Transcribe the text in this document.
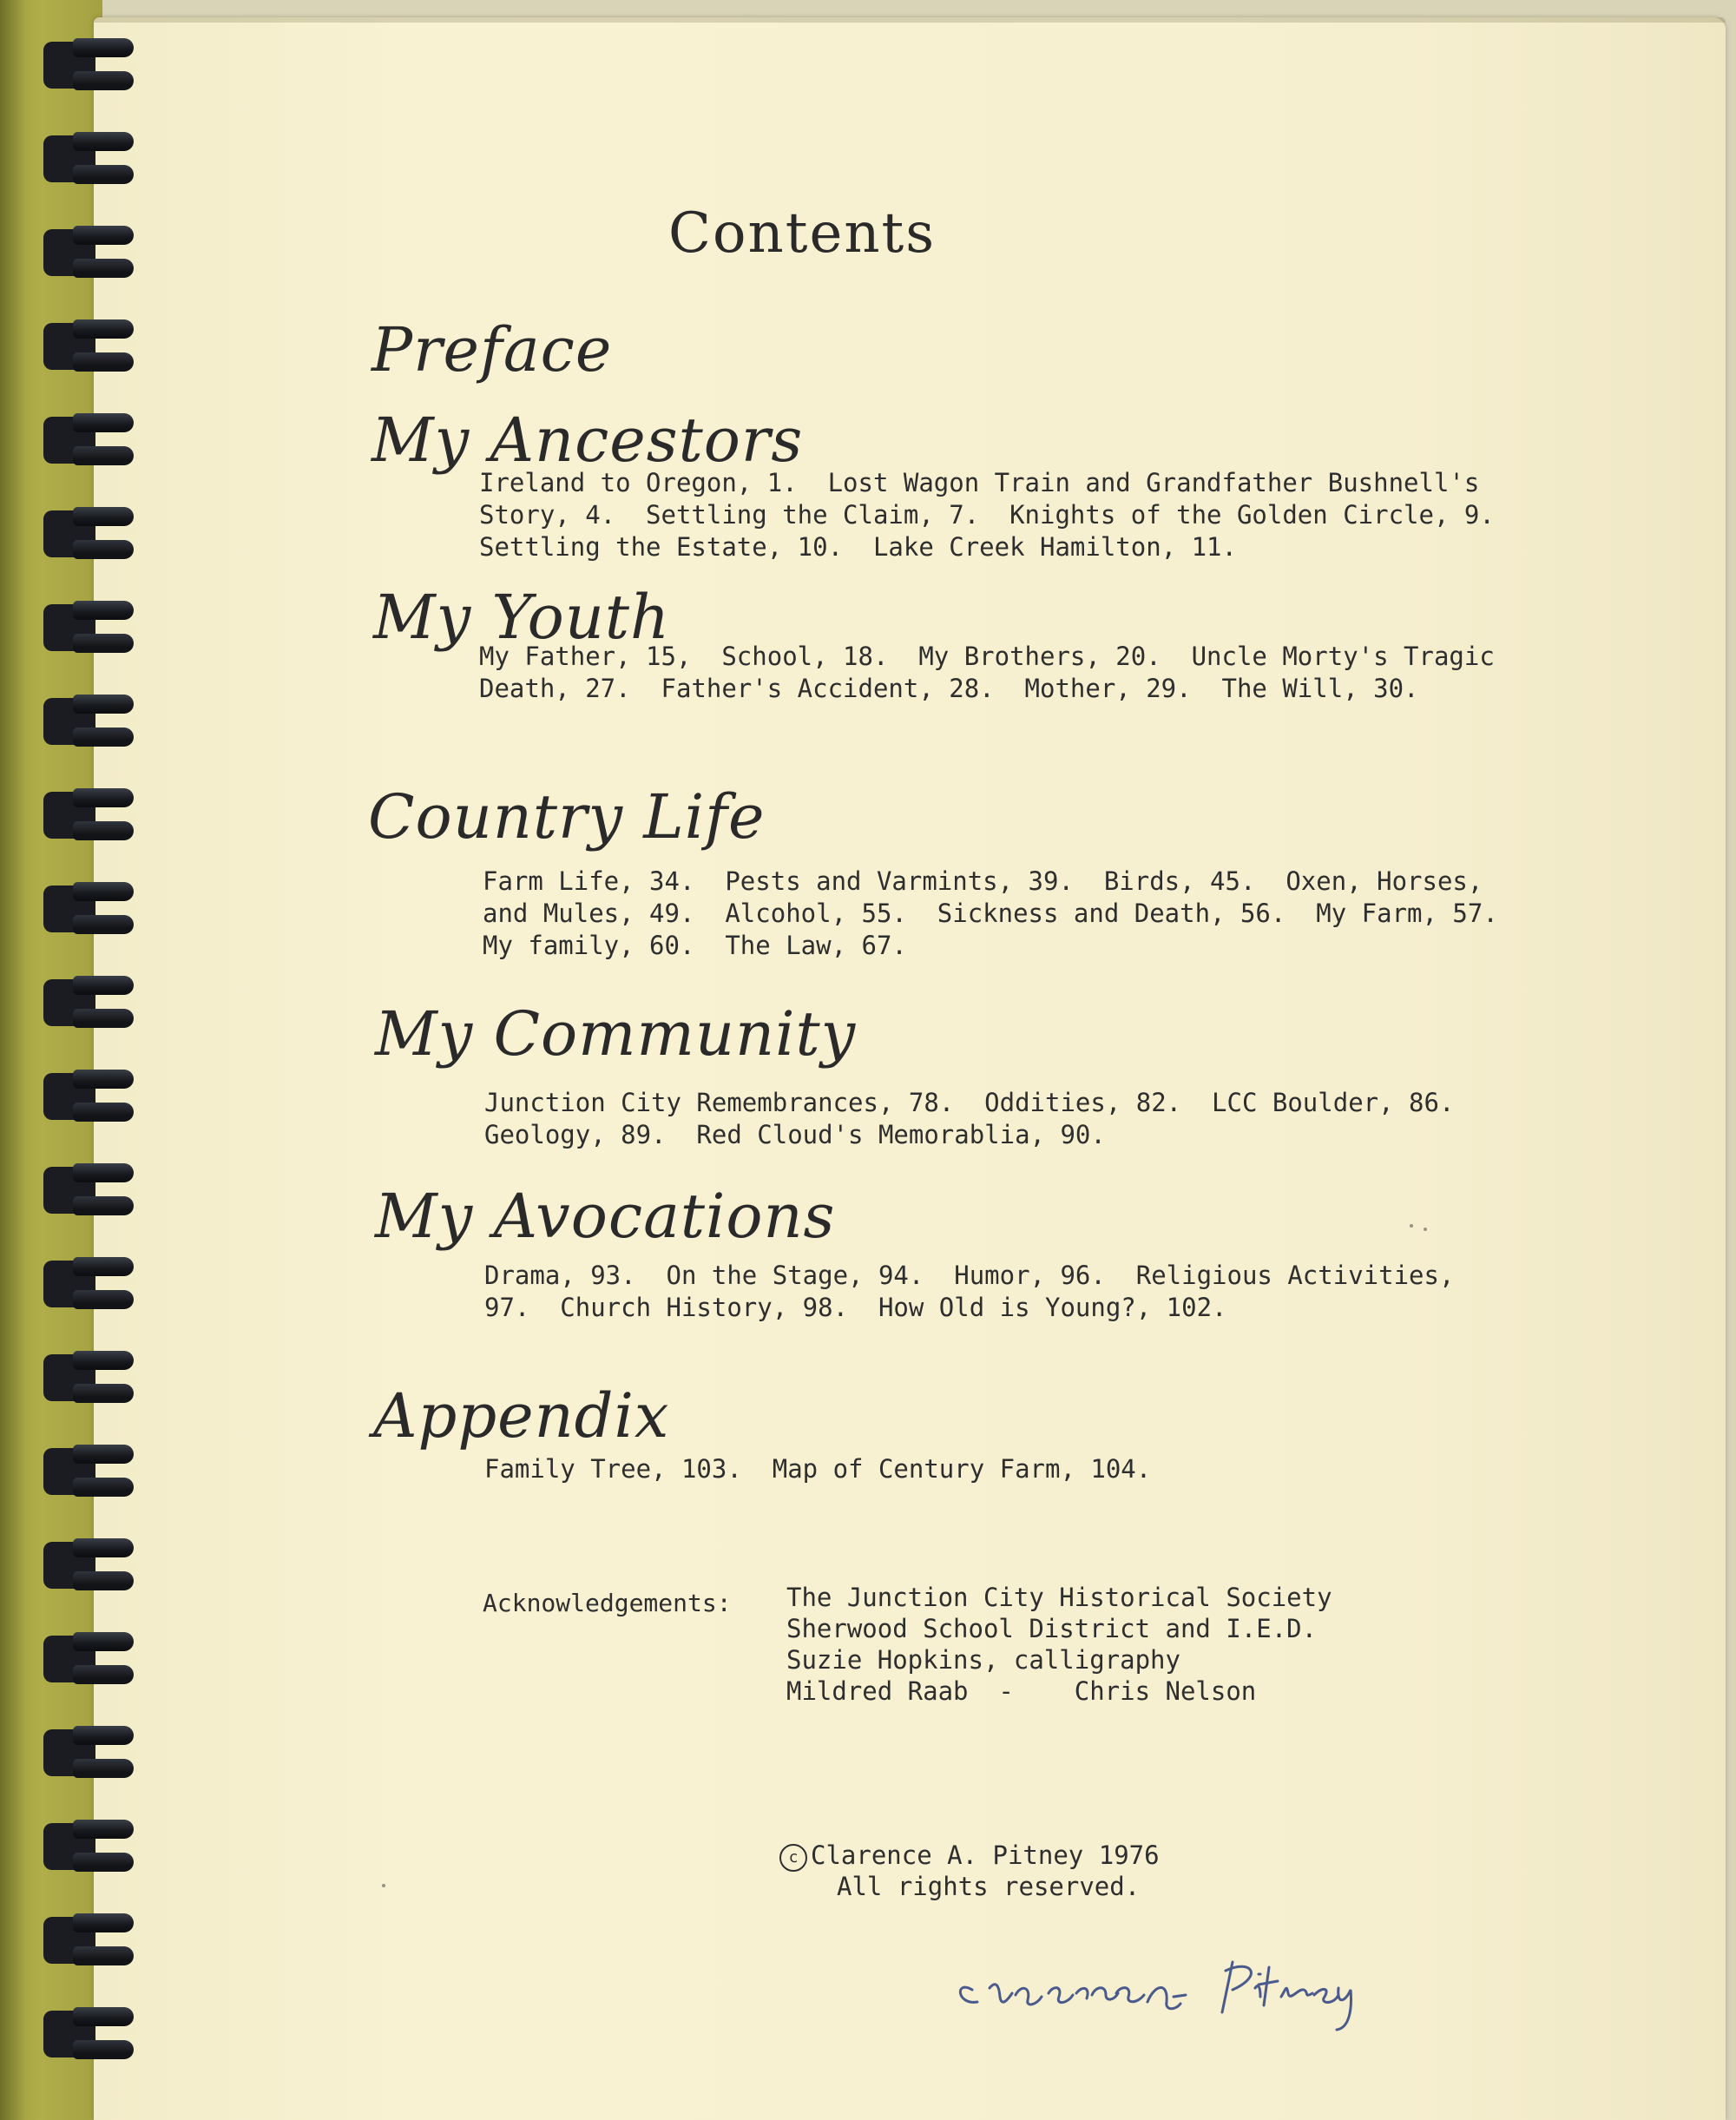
Contents
Preface
My Ancestors
Ireland to Oregon, 1.  Lost Wagon Train and Grandfather Bushnell's
Story, 4.  Settling the Claim, 7.  Knights of the Golden Circle, 9.
Settling the Estate, 10.  Lake Creek Hamilton, 11.
My Youth
My Father, 15,  School, 18.  My Brothers, 20.  Uncle Morty's Tragic
Death, 27.  Father's Accident, 28.  Mother, 29.  The Will, 30.
Country Life
Farm Life, 34.  Pests and Varmints, 39.  Birds, 45.  Oxen, Horses,
and Mules, 49.  Alcohol, 55.  Sickness and Death, 56.  My Farm, 57.
My family, 60.  The Law, 67.
My Community
Junction City Remembrances, 78.  Oddities, 82.  LCC Boulder, 86.
Geology, 89.  Red Cloud's Memorablia, 90.
My Avocations
Drama, 93.  On the Stage, 94.  Humor, 96.  Religious Activities,
97.  Church History, 98.  How Old is Young?, 102.
Appendix
Family Tree, 103.  Map of Century Farm, 104.
Acknowledgements: The Junction City Historical Society
Sherwood School District and I.E.D.
Suzie Hopkins, calligraphy
Mildred Raab  -    Chris Nelson
c Clarence A. Pitney 1976
All rights reserved.
Clarence A. Pitney
